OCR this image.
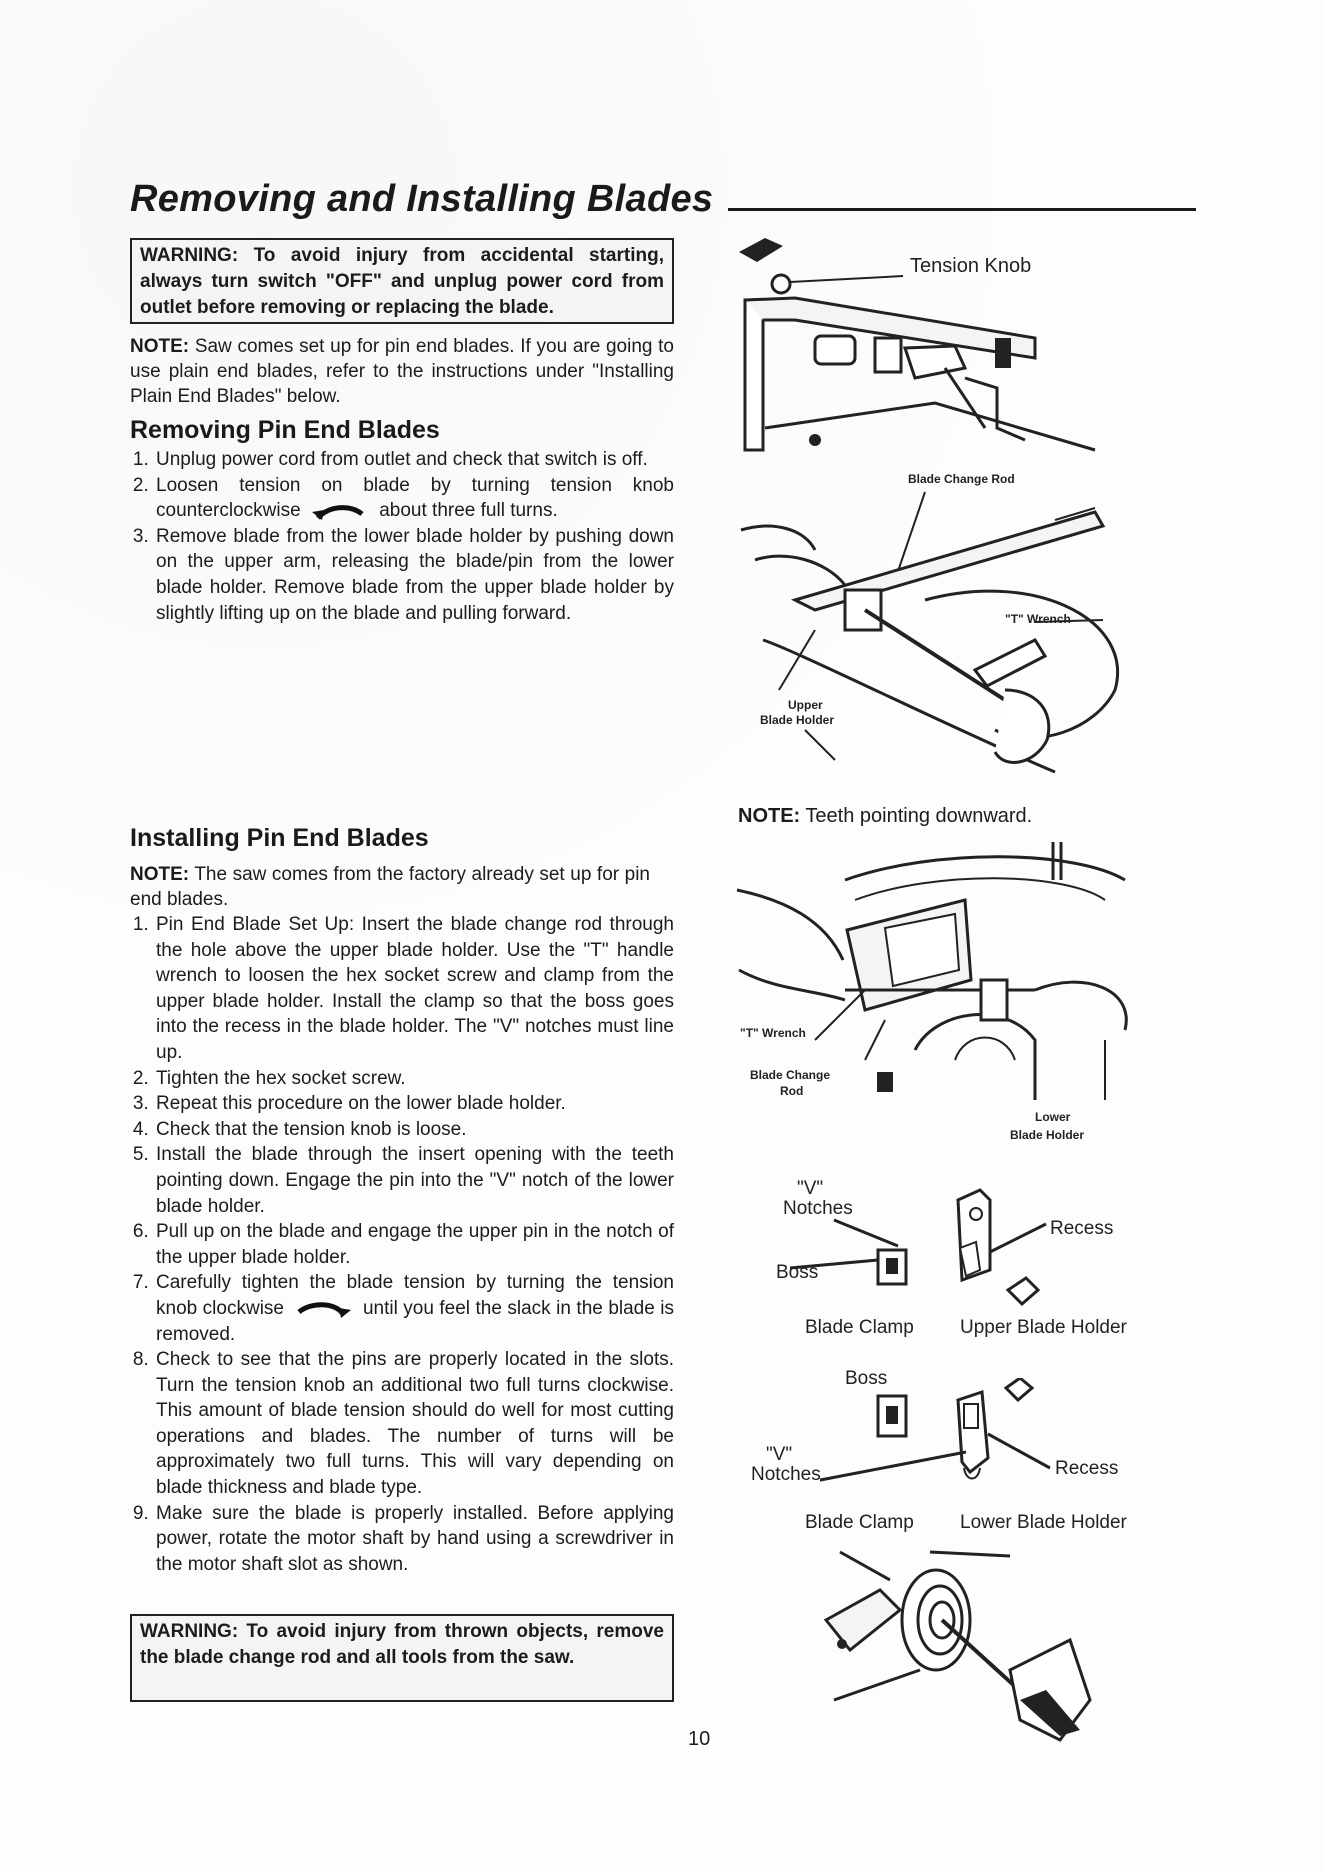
Removing and Installing Blades
WARNING: To avoid injury from accidental starting, always turn switch "OFF" and unplug power cord from outlet before removing or replacing the blade.
NOTE: Saw comes set up for pin end blades. If you are going to use plain end blades, refer to the instructions under "Installing Plain End Blades" below.
Removing Pin End Blades
1. Unplug power cord from outlet and check that switch is off.
2. Loosen tension on blade by turning tension knob counterclockwise	about three full turns.
3. Remove blade from the lower blade holder by pushing down on the upper arm, releasing the blade/pin from the lower blade holder. Remove blade from the upper blade holder by slightly lifting up on the blade and pulling forward.
Installing Pin End Blades
NOTE: The saw comes from the factory already set up for pin end blades.
1. Pin End Blade Set Up: Insert the blade change rod through the hole above the upper blade holder. Use the "T" handle wrench to loosen the hex socket screw and clamp from the upper blade holder. Install the clamp so that the boss goes into the recess in the blade holder. The "V" notches must line up.
2. Tighten the hex socket screw.
3. Repeat this procedure on the lower blade holder.
4. Check that the tension knob is loose.
5. Install the blade through the insert opening with the teeth pointing down. Engage the pin into the "V" notch of the lower blade holder.
6. Pull up on the blade and engage the upper pin in the notch of the upper blade holder.
7. Carefully tighten the blade tension by turning the tension knob clockwise	until you feel the slack in the blade is removed.
8. Check to see that the pins are properly located in the slots. Turn the tension knob an additional two full turns clockwise. This amount of blade tension should do well for most cutting operations and blades. The number of turns will be approximately two full turns. This will vary depending on blade thickness and blade type.
9. Make sure the blade is properly installed. Before applying power, rotate the motor shaft by hand using a screwdriver in the motor shaft slot as shown.
WARNING: To avoid injury from thrown objects, remove the blade change rod and all tools from the saw.
Tension Knob
Blade Change Rod
"T" Wrench
Upper
Blade Holder
NOTE: Teeth pointing downward.
"T" Wrench
Blade Change
Rod
Lower
Blade Holder
"V"
Notches
Recess
Boss
Blade Clamp Upper Blade Holder
Boss
"V"
Notches	Recess
Blade Clamp Lower Blade Holder
10
